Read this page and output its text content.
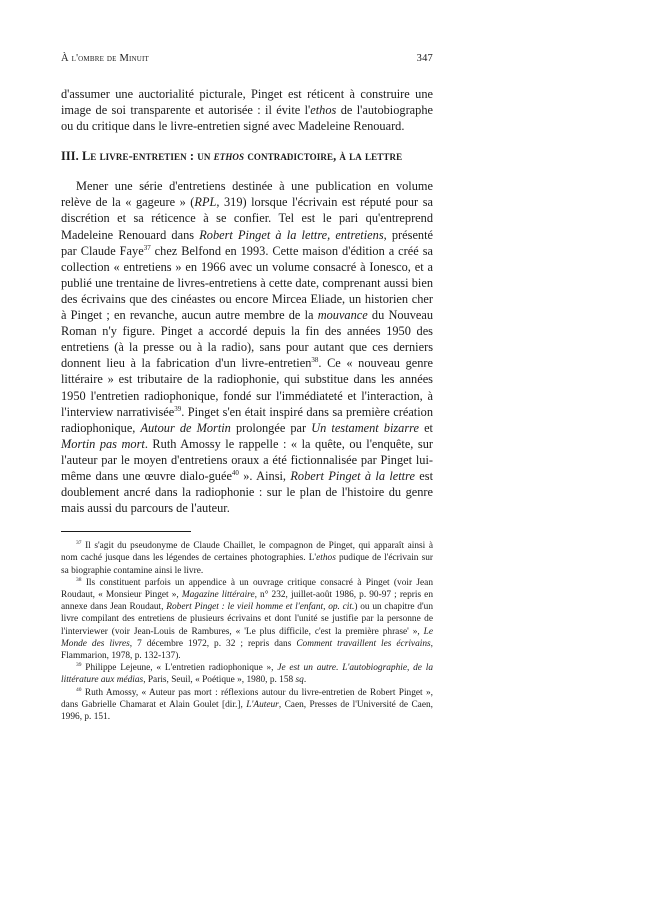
À l'ombre de Minuit	347

d'assumer une auctorialité picturale, Pinget est réticent à construire une image de soi transparente et autorisée : il évite l'ethos de l'autobiographe ou du critique dans le livre-entretien signé avec Madeleine Renouard.

III. Le livre-entretien : un ethos contradictoire, à la lettre

Mener une série d'entretiens destinée à une publication en volume relève de la « gageure » (RPL, 319) lorsque l'écrivain est réputé pour sa discrétion et sa réticence à se confier. Tel est le pari qu'entreprend Madeleine Renouard dans Robert Pinget à la lettre, entretiens, présenté par Claude Faye$^{37}$ chez Belfond en 1993. Cette maison d'édition a créé sa collection « entretiens » en 1966 avec un volume consacré à Ionesco, et a publié une trentaine de livres-entretiens à cette date, comprenant aussi bien des écrivains que des cinéastes ou encore Mircea Eliade, un historien cher à Pinget ; en revanche, aucun autre membre de la mouvance du Nouveau Roman n'y figure. Pinget a accordé depuis la fin des années 1950 des entretiens (à la presse ou à la radio), sans pour autant que ces derniers donnent lieu à la fabrication d'un livre-entretien$^{38}$. Ce « nouveau genre littéraire » est tributaire de la radiophonie, qui substitue dans les années 1950 l'entretien radiophonique, fondé sur l'immédiateté et l'interaction, à l'interview narrativisée$^{39}$. Pinget s'en était inspiré dans sa première création radiophonique, Autour de Mortin prolongée par Un testament bizarre et Mortin pas mort. Ruth Amossy le rappelle : « la quête, ou l'enquête, sur l'auteur par le moyen d'entretiens oraux a été fictionnalisée par Pinget lui-même dans une œuvre dialo-guée$^{40}$ ». Ainsi, Robert Pinget à la lettre est doublement ancré dans la radiophonie : sur le plan de l'histoire du genre mais aussi du parcours de l'auteur.

$^{37}$ Il s'agit du pseudonyme de Claude Chaillet, le compagnon de Pinget, qui apparaît ainsi à nom caché jusque dans les légendes de certaines photographies. L'ethos pudique de l'écrivain sur sa biographie contamine ainsi le livre.

$^{38}$ Ils constituent parfois un appendice à un ouvrage critique consacré à Pinget (voir Jean Roudaut, « Monsieur Pinget », Magazine littéraire, n° 232, juillet-août 1986, p. 90-97 ; repris en annexe dans Jean Roudaut, Robert Pinget : le vieil homme et l'enfant, op. cit.) ou un chapitre d'un livre compilant des entretiens de plusieurs écrivains et dont l'unité se justifie par la personne de l'interviewer (voir Jean-Louis de Rambures, « 'Le plus difficile, c'est la première phrase' », Le Monde des livres, 7 décembre 1972, p. 32 ; repris dans Comment travaillent les écrivains, Flammarion, 1978, p. 132-137).

$^{39}$ Philippe Lejeune, « L'entretien radiophonique », Je est un autre. L'autobiographie, de la littérature aux médias, Paris, Seuil, « Poétique », 1980, p. 158 sq.

$^{40}$ Ruth Amossy, « Auteur pas mort : réflexions autour du livre-entretien de Robert Pinget », dans Gabrielle Chamarat et Alain Goulet [dir.], L'Auteur, Caen, Presses de l'Université de Caen, 1996, p. 151.
